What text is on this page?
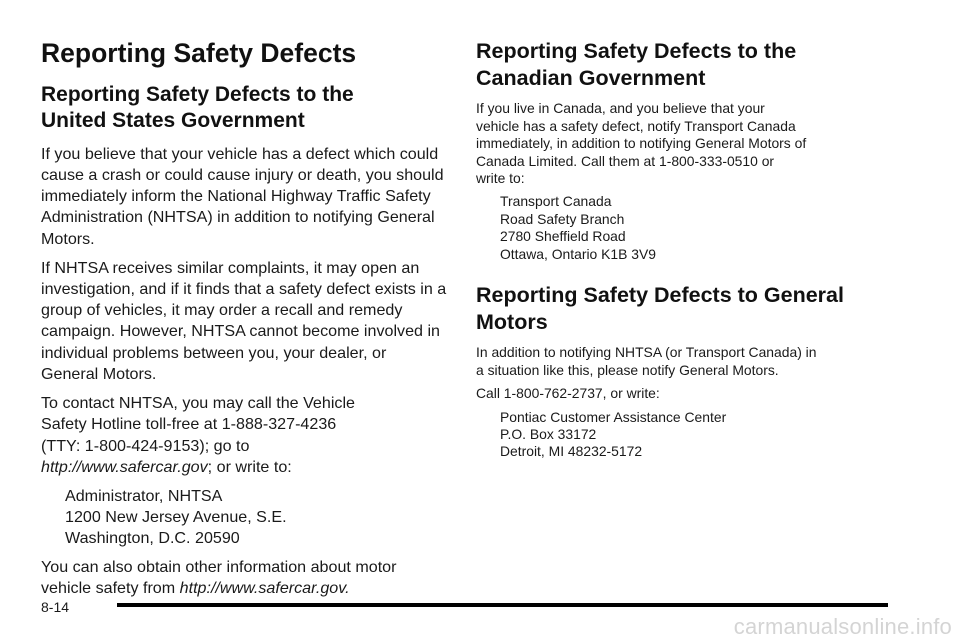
Reporting Safety Defects
Reporting Safety Defects to the
United States Government

If you believe that your vehicle has a defect which could cause a crash or could cause injury or death, you should immediately inform the National Highway Traffic Safety Administration (NHTSA) in addition to notifying General Motors.

If NHTSA receives similar complaints, it may open an investigation, and if it finds that a safety defect exists in a group of vehicles, it may order a recall and remedy campaign. However, NHTSA cannot become involved in individual problems between you, your dealer, or General Motors.

To contact NHTSA, you may call the Vehicle
Safety Hotline toll-free at 1-888-327-4236
(TTY: 1-800-424-9153); go to
http://www.safercar.gov; or write to:

Administrator, NHTSA
1200 New Jersey Avenue, S.E.
Washington, D.C. 20590

You can also obtain other information about motor vehicle safety from http://www.safercar.gov.

Reporting Safety Defects to the
Canadian Government

If you live in Canada, and you believe that your
vehicle has a safety defect, notify Transport Canada
immediately, in addition to notifying General Motors of
Canada Limited. Call them at 1-800-333-0510 or
write to:

Transport Canada
Road Safety Branch
2780 Sheffield Road
Ottawa, Ontario K1B 3V9
Reporting Safety Defects to General
Motors

In addition to notifying NHTSA (or Transport Canada) in
a situation like this, please notify General Motors.

Call 1-800-762-2737, or write:

Pontiac Customer Assistance Center
P.O. Box 33172
Detroit, MI 48232-5172
8-14
carmanualsonline.info
